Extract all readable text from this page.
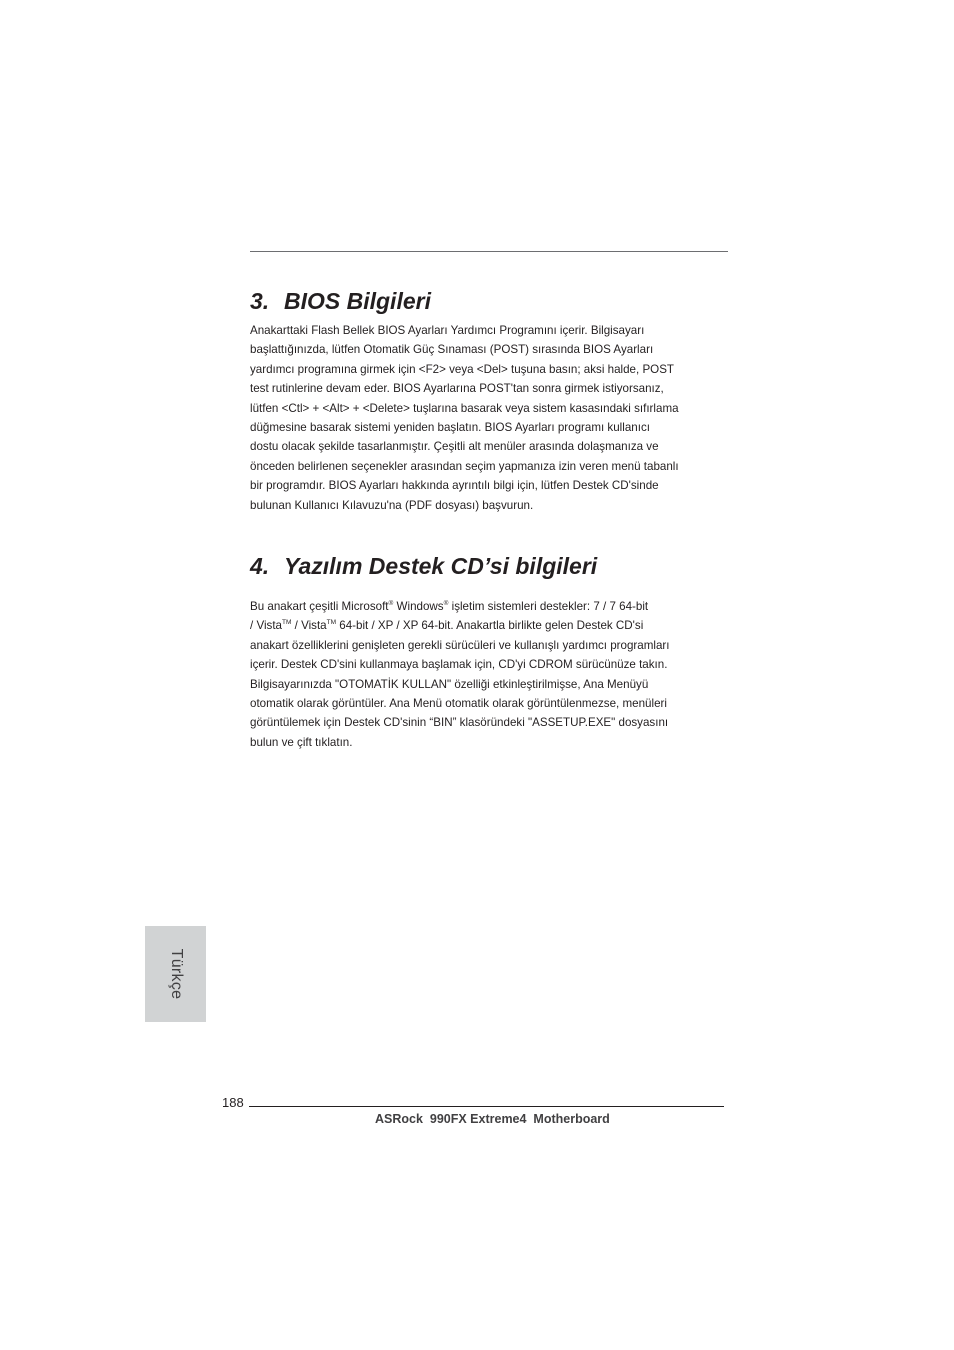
3. BIOS Bilgileri

Anakarttaki Flash Bellek BIOS Ayarları Yardımcı Programını içerir. Bilgisayarı
başlattığınızda, lütfen Otomatik Güç Sınaması (POST) sırasında BIOS Ayarları
yardımcı programına girmek için <F2> veya <Del> tuşuna basın; aksi halde, POST
test rutinlerine devam eder. BIOS Ayarlarına POST'tan sonra girmek istiyorsanız,
lütfen <Ctl> + <Alt> + <Delete> tuşlarına basarak veya sistem kasasındaki sıfırlama
düğmesine basarak sistemi yeniden başlatın. BIOS Ayarları programı kullanıcı
dostu olacak şekilde tasarlanmıştır. Çeşitli alt menüler arasında dolaşmanıza ve
önceden belirlenen seçenekler arasından seçim yapmanıza izin veren menü tabanlı
bir programdır. BIOS Ayarları hakkında ayrıntılı bilgi için, lütfen Destek CD'sinde
bulunan Kullanıcı Kılavuzu'na (PDF dosyası) başvurun.

4. Yazılım Destek CD’si bilgileri

Bu anakart çeşitli Microsoft® Windows® işletim sistemleri destekler: 7 / 7 64-bit
/ Vista™ / Vista™ 64-bit / XP / XP 64-bit. Anakartla birlikte gelen Destek CD'si
anakart özelliklerini genişleten gerekli sürücüleri ve kullanışlı yardımcı programları
içerir. Destek CD'sini kullanmaya başlamak için, CD'yi CDROM sürücünüze takın.
Bilgisayarınızda "OTOMATİK KULLAN" özelliği etkinleştirilmişse, Ana Menüyü
otomatik olarak görüntüler. Ana Menü otomatik olarak görüntülenmezse, menüleri
görüntülemek için Destek CD'sinin “BIN” klasöründeki "ASSETUP.EXE" dosyasını
bulun ve çift tıklatın.

Türkçe
188
ASRock  990FX Extreme4  Motherboard
